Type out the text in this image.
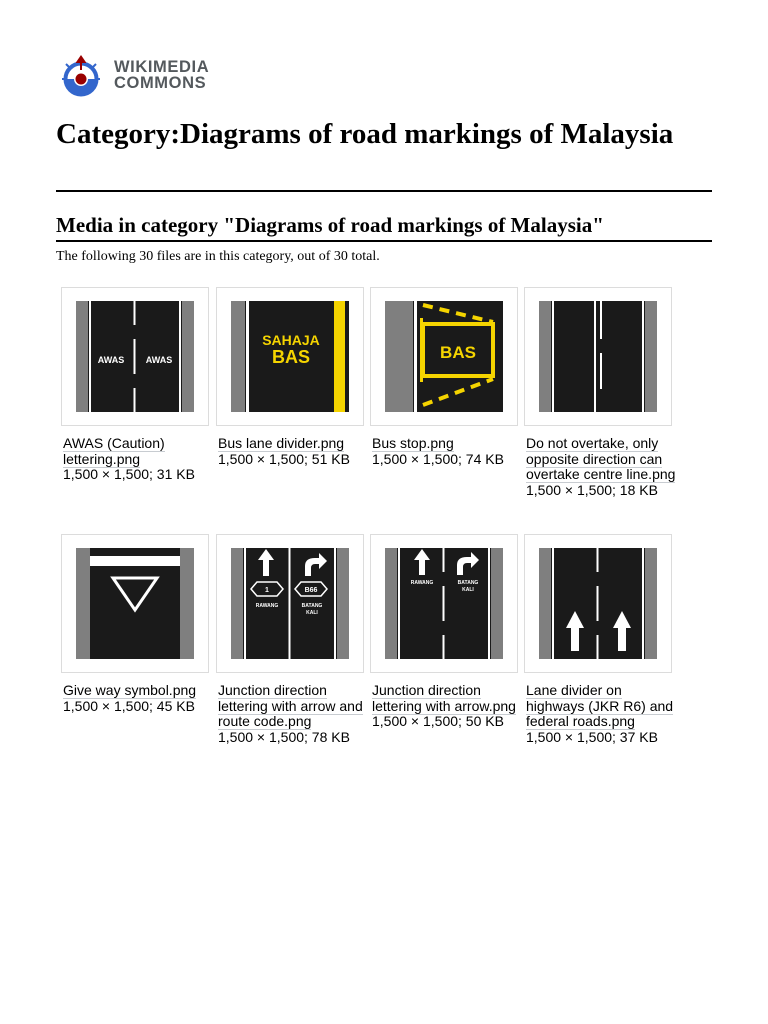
WIKIMEDIA
COMMONS
Category:Diagrams of road markings of Malaysia
Media in category "Diagrams of road markings of Malaysia"

The following 30 files are in this category, out of 30 total.

AWAS AWAS
AWAS (Caution) lettering.png
1,500 × 1,500; 31 KB
SAHAJA
BAS
Bus lane divider.png
1,500 × 1,500; 51 KB
BAS
Bus stop.png
1,500 × 1,500; 74 KB
Do not overtake, only opposite direction can overtake centre line.png
1,500 × 1,500; 18 KB
Give way symbol.png
1,500 × 1,500; 45 KB
1	B66
RAWANG	BATANG
KALI
Junction direction lettering with arrow and route code.png
1,500 × 1,500; 78 KB
RAWANG	BATANG
KALI
Junction direction lettering with arrow.png
1,500 × 1,500; 50 KB
Lane divider on highways (JKR R6) and federal roads.png
1,500 × 1,500; 37 KB
